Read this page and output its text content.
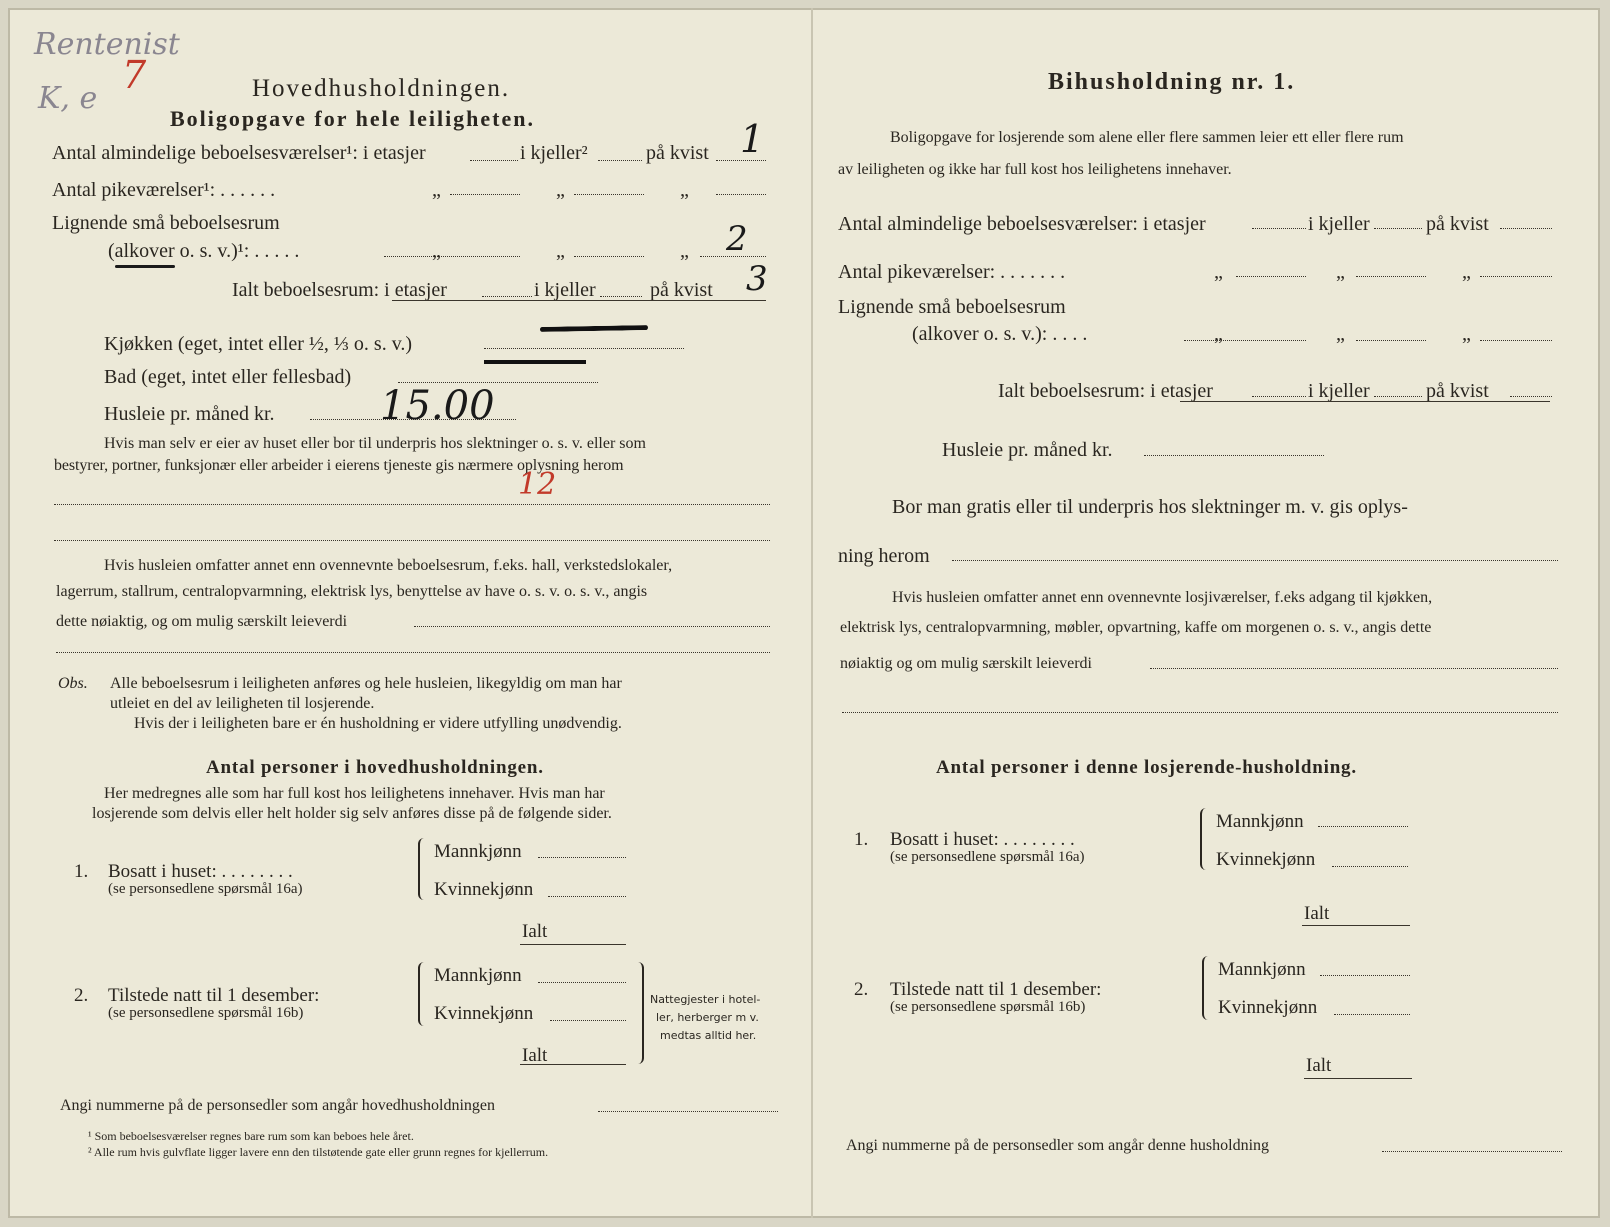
Rentenist
K, e
7	Hovedhusholdningen.
Boligopgave for hele leiligheten.
Antal almindelige beboelsesværelser¹: i etasjer	i kjeller²	på kvist 1
Antal pikeværelser¹: . . . . . .	„	„	„
Lignende små beboelsesrum
(alkover o. s. v.)¹: . . . . .	„	„	„ 2
Ialt beboelsesrum: i etasjer	i kjeller	på kvist 3
Kjøkken (eget, intet eller ½, ⅓ o. s. v.)
Bad (eget, intet eller fellesbad)
Husleie pr. måned kr.	15.00
Hvis man selv er eier av huset eller bor til underpris hos slektninger o. s. v. eller som
bestyrer, portner, funksjonær eller arbeider i eierens tjeneste gis nærmere oplysning herom
12
Hvis husleien omfatter annet enn ovennevnte beboelsesrum, f.eks. hall, verkstedslokaler,
lagerrum, stallrum, centralopvarmning, elektrisk lys, benyttelse av have o. s. v. o. s. v., angis
dette nøiaktig, og om mulig særskilt leieverdi
Obs. Alle beboelsesrum i leiligheten anføres og hele husleien, likegyldig om man har
utleiet en del av leiligheten til losjerende.
Hvis der i leiligheten bare er én husholdning er videre utfylling unødvendig.
Antal personer i hovedhusholdningen.
Her medregnes alle som har full kost hos leilighetens innehaver. Hvis man har
losjerende som delvis eller helt holder sig selv anføres disse på de følgende sider.
1. Bosatt i huset: . . . . . . . .
(se personsedlene spørsmål 16a)
Mannkjønn
Kvinnekjønn
Ialt
2. Tilstede natt til 1 desember:
(se personsedlene spørsmål 16b)
Mannkjønn
Kvinnekjønn
Ialt
Nattegjester i hotel-
ler, herberger m v.
medtas alltid her.
Angi nummerne på de personsedler som angår hovedhusholdningen
¹ Som beboelsesværelser regnes bare rum som kan beboes hele året.
² Alle rum hvis gulvflate ligger lavere enn den tilstøtende gate eller grunn regnes for kjellerrum.
Bihusholdning nr. 1.
Boligopgave for losjerende som alene eller flere sammen leier ett eller flere rum
av leiligheten og ikke har full kost hos leilighetens innehaver.
Antal almindelige beboelsesværelser: i etasjer	i kjeller	på kvist
Antal pikeværelser: . . . . . . .	„	„	„
Lignende små beboelsesrum
(alkover o. s. v.): . . . .	„	„	„
Ialt beboelsesrum: i etasjer	i kjeller	på kvist
Husleie pr. måned kr.
Bor man gratis eller til underpris hos slektninger m. v. gis oplys-
ning herom
Hvis husleien omfatter annet enn ovennevnte losjiværelser, f.eks adgang til kjøkken,
elektrisk lys, centralopvarmning, møbler, opvartning, kaffe om morgenen o. s. v., angis dette
nøiaktig og om mulig særskilt leieverdi
Antal personer i denne losjerende-husholdning.
1. Bosatt i huset: . . . . . . . .
(se personsedlene spørsmål 16a)
Mannkjønn
Kvinnekjønn
Ialt
2. Tilstede natt til 1 desember:
(se personsedlene spørsmål 16b)
Mannkjønn
Kvinnekjønn
Ialt
Angi nummerne på de personsedler som angår denne husholdning
